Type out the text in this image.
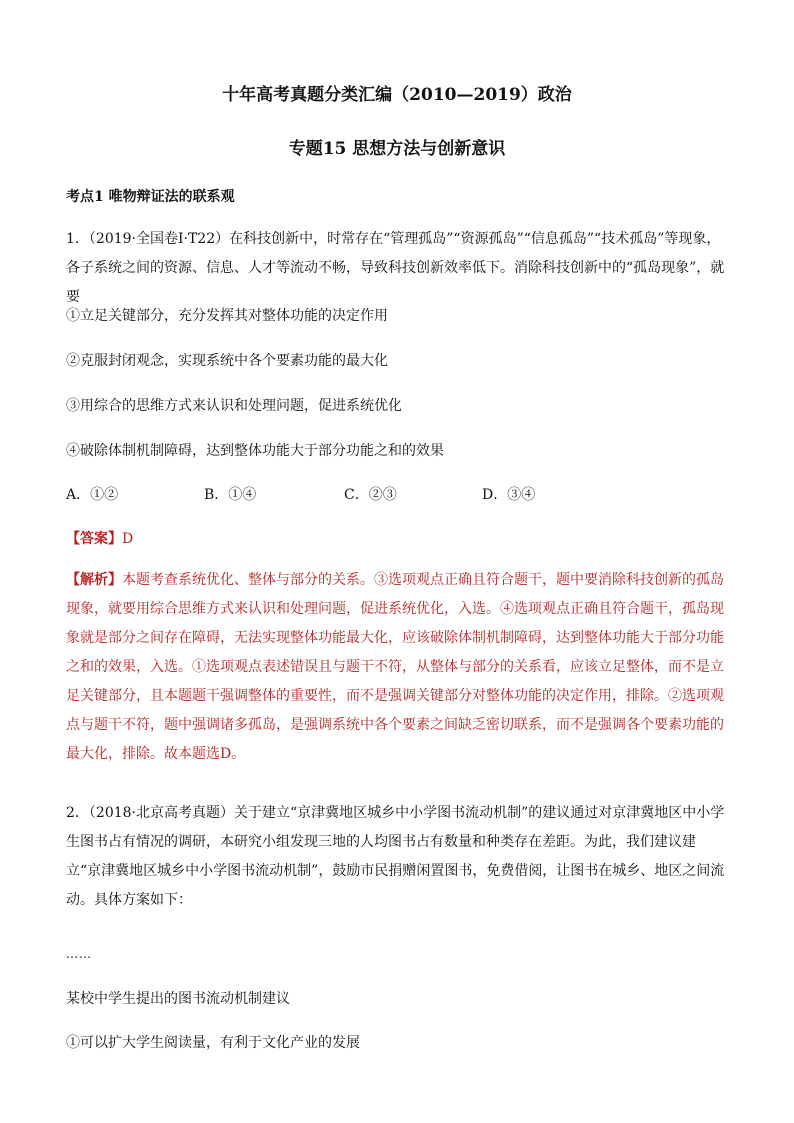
十年高考真题分类汇编（2010—2019）政治
专题15 思想方法与创新意识
考点1 唯物辩证法的联系观

1．（2019·全国卷Ⅰ·T22）在科技创新中，时常存在“管理孤岛”“资源孤岛”“信息孤岛”“技术孤岛”等现象，各子系统之间的资源、信息、人才等流动不畅，导致科技创新效率低下。消除科技创新中的“孤岛现象”，就要

①立足关键部分，充分发挥其对整体功能的决定作用
②克服封闭观念，实现系统中各个要素功能的最大化
③用综合的思维方式来认识和处理问题，促进系统优化
④破除体制机制障碍，达到整体功能大于部分功能之和的效果
A．①②	B．①④	C．②③	D．③④
【答案】D

【解析】本题考查系统优化、整体与部分的关系。③选项观点正确且符合题干，题中要消除科技创新的孤岛现象，就要用综合思维方式来认识和处理问题，促进系统优化，入选。④选项观点正确且符合题干，孤岛现象就是部分之间存在障碍，无法实现整体功能最大化，应该破除体制机制障碍，达到整体功能大于部分功能之和的效果，入选。①选项观点表述错误且与题干不符，从整体与部分的关系看，应该立足整体，而不是立足关键部分，且本题题干强调整体的重要性，而不是强调关键部分对整体功能的决定作用，排除。②选项观点与题干不符，题中强调诸多孤岛，是强调系统中各个要素之间缺乏密切联系，而不是强调各个要素功能的最大化，排除。故本题选D。

2．（2018·北京高考真题）关于建立“京津冀地区城乡中小学图书流动机制”的建议通过对京津冀地区中小学生图书占有情况的调研，本研究小组发现三地的人均图书占有数量和种类存在差距。为此，我们建议建立“京津冀地区城乡中小学图书流动机制”，鼓励市民捐赠闲置图书，免费借阅，让图书在城乡、地区之间流动。具体方案如下：

……
某校中学生提出的图书流动机制建议
①可以扩大学生阅读量，有利于文化产业的发展
